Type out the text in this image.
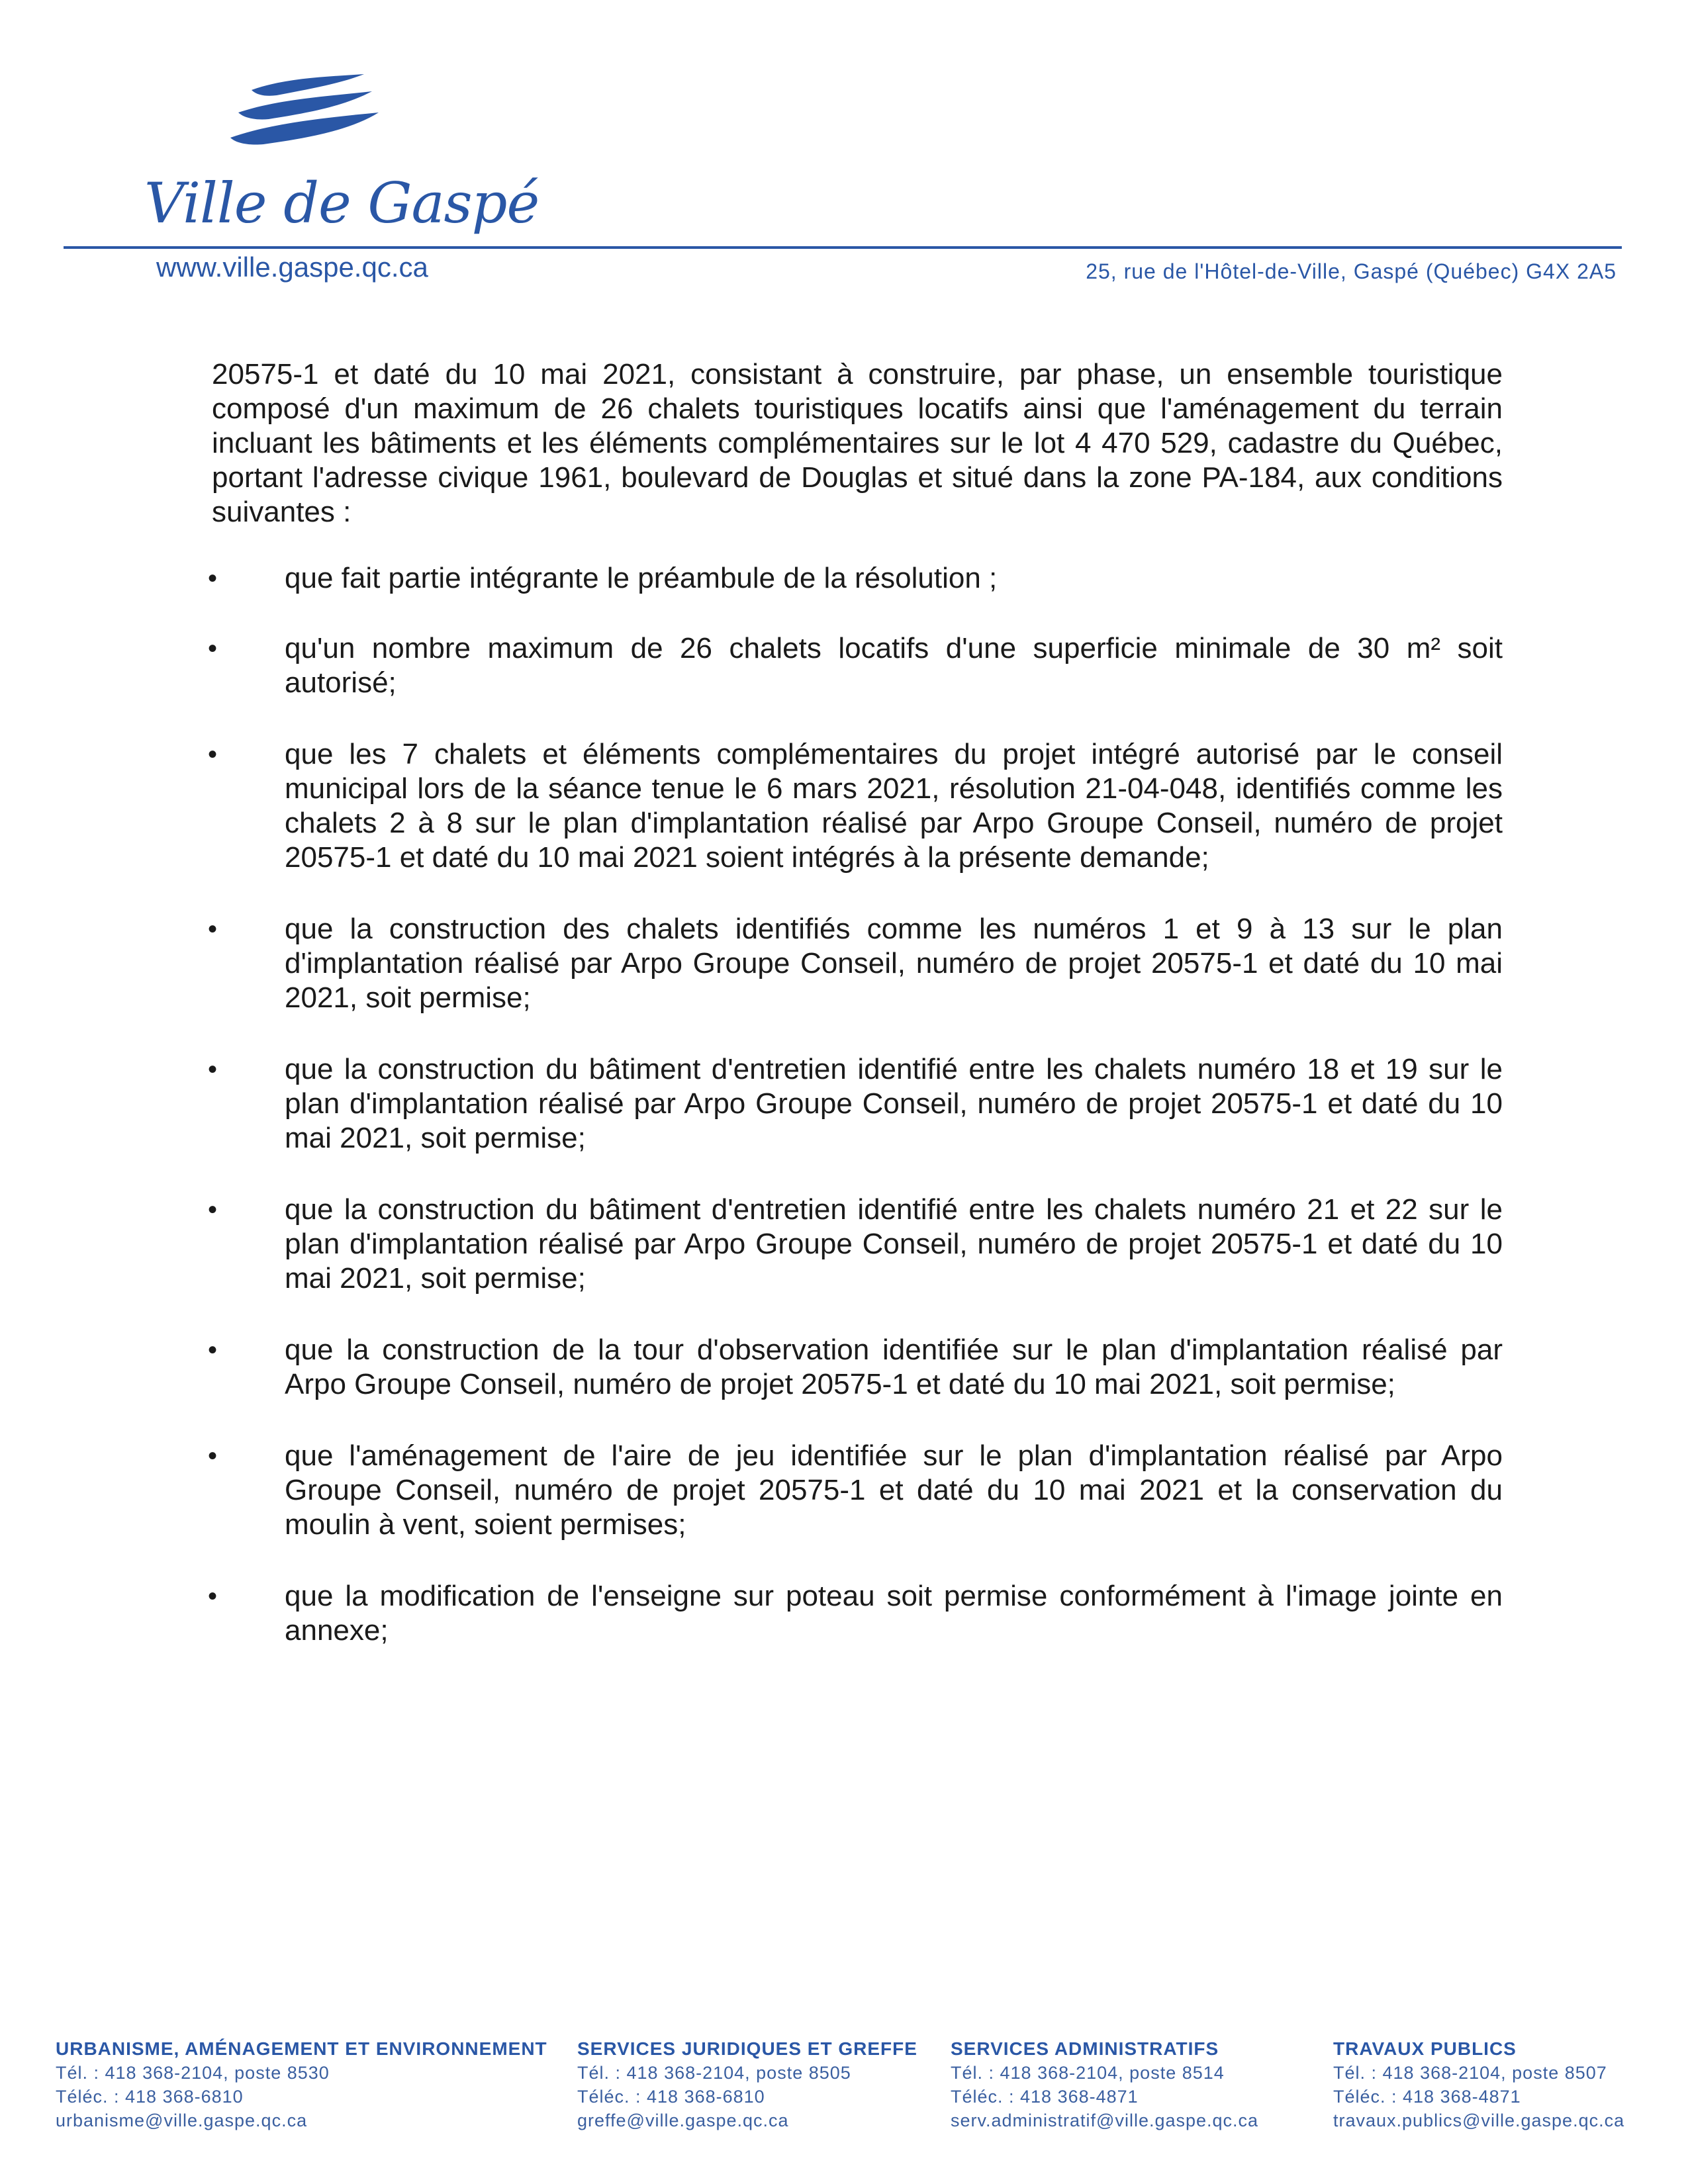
Ville de Gaspé
www.ville.gaspe.qc.ca	25, rue de l'Hôtel-de-Ville, Gaspé (Québec) G4X 2A5

20575-1 et daté du 10 mai 2021, consistant à construire, par phase, un ensemble touristique composé d'un maximum de 26 chalets touristiques locatifs ainsi que l'aménagement du terrain incluant les bâtiments et les éléments complémentaires sur le lot 4 470 529, cadastre du Québec, portant l'adresse civique 1961, boulevard de Douglas et situé dans la zone PA-184, aux conditions suivantes :

• que fait partie intégrante le préambule de la résolution ;
• qu'un nombre maximum de 26 chalets locatifs d'une superficie minimale de 30 m² soit autorisé;
• que les 7 chalets et éléments complémentaires du projet intégré autorisé par le conseil municipal lors de la séance tenue le 6 mars 2021, résolution 21-04-048, identifiés comme les chalets 2 à 8 sur le plan d'implantation réalisé par Arpo Groupe Conseil, numéro de projet 20575-1 et daté du 10 mai 2021 soient intégrés à la présente demande;
• que la construction des chalets identifiés comme les numéros 1 et 9 à 13 sur le plan d'implantation réalisé par Arpo Groupe Conseil, numéro de projet 20575-1 et daté du 10 mai 2021, soit permise;
• que la construction du bâtiment d'entretien identifié entre les chalets numéro 18 et 19 sur le plan d'implantation réalisé par Arpo Groupe Conseil, numéro de projet 20575-1 et daté du 10 mai 2021, soit permise;
• que la construction du bâtiment d'entretien identifié entre les chalets numéro 21 et 22 sur le plan d'implantation réalisé par Arpo Groupe Conseil, numéro de projet 20575-1 et daté du 10 mai 2021, soit permise;
• que la construction de la tour d'observation identifiée sur le plan d'implantation réalisé par Arpo Groupe Conseil, numéro de projet 20575-1 et daté du 10 mai 2021, soit permise;
• que l'aménagement de l'aire de jeu identifiée sur le plan d'implantation réalisé par Arpo Groupe Conseil, numéro de projet 20575-1 et daté du 10 mai 2021 et la conservation du moulin à vent, soient permises;
• que la modification de l'enseigne sur poteau soit permise conformément à l'image jointe en annexe;
URBANISME, AMÉNAGEMENT ET ENVIRONNEMENT
Tél. : 418 368-2104, poste 8530
Téléc. : 418 368-6810
urbanisme@ville.gaspe.qc.ca
SERVICES JURIDIQUES ET GREFFE
Tél. : 418 368-2104, poste 8505
Téléc. : 418 368-6810
greffe@ville.gaspe.qc.ca
SERVICES ADMINISTRATIFS
Tél. : 418 368-2104, poste 8514
Téléc. : 418 368-4871
serv.administratif@ville.gaspe.qc.ca
TRAVAUX PUBLICS
Tél. : 418 368-2104, poste 8507
Téléc. : 418 368-4871
travaux.publics@ville.gaspe.qc.ca
